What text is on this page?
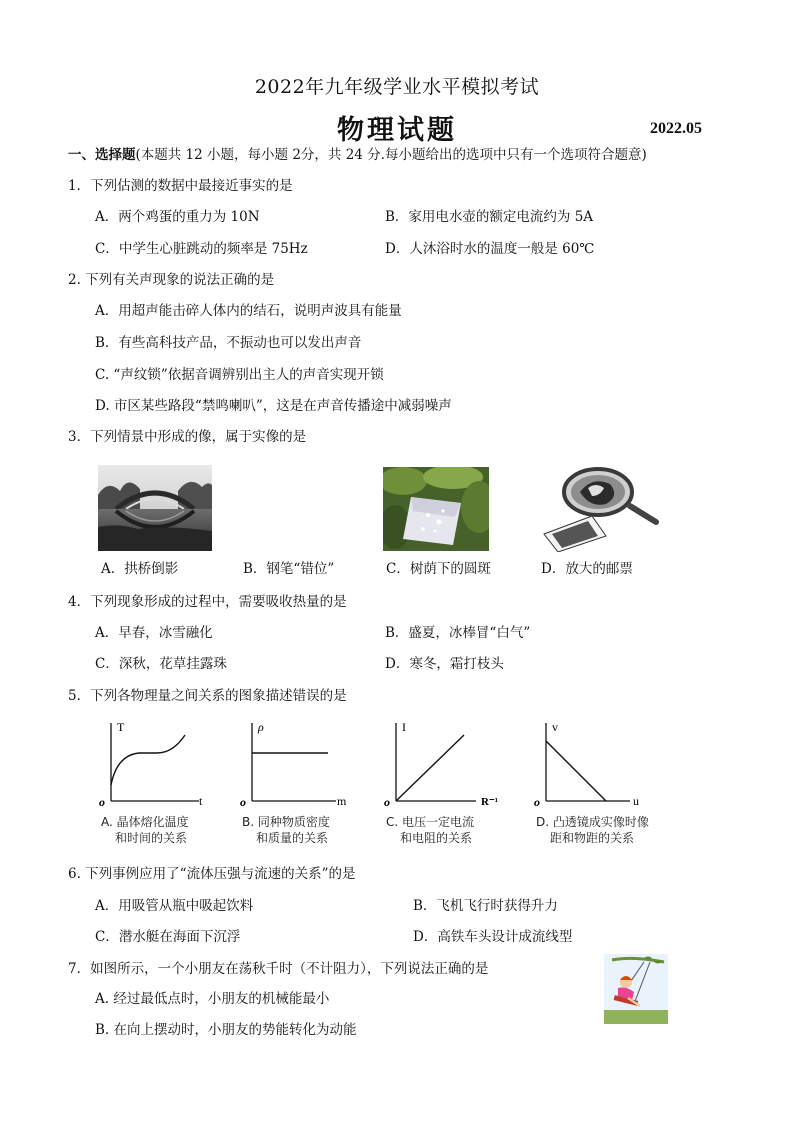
2022年九年级学业水平模拟考试
物理试题	2022.05
一、选择题(本题共 12 小题，每小题 2分，共 24 分.每小题给出的选项中只有一个选项符合题意)
1．下列估测的数据中最接近事实的是
A．两个鸡蛋的重力为 10N	B．家用电水壶的额定电流约为 5A
C．中学生心脏跳动的频率是 75Hz	D．人沐浴时水的温度一般是 60℃
2. 下列有关声现象的说法正确的是
A．用超声能击碎人体内的结石，说明声波具有能量
B．有些高科技产品，不振动也可以发出声音
C. “声纹锁”依据音调辨别出主人的声音实现开锁
D. 市区某些路段“禁鸣喇叭”，这是在声音传播途中减弱噪声
3．下列情景中形成的像，属于实像的是
A．拱桥倒影	B．钢笔“错位”	C．树荫下的圆斑	D．放大的邮票
4．下列现象形成的过程中，需要吸收热量的是
A．早春，冰雪融化	B．盛夏，冰棒冒“白气”
C．深秋，花草挂露珠	D．寒冬，霜打枝头
5．下列各物理量之间关系的图象描述错误的是
T
t
o
A. 晶体熔化温度
和时间的关系
ρ
m
o
B. 同种物质密度
和质量的关系
I
R⁻¹
o
C. 电压一定电流
和电阻的关系
v
u
o
D. 凸透镜成实像时像
距和物距的关系
6. 下列事例应用了“流体压强与流速的关系”的是
A．用吸管从瓶中吸起饮料	B．飞机飞行时获得升力
C．潜水艇在海面下沉浮	D．高铁车头设计成流线型
7．如图所示，一个小朋友在荡秋千时（不计阻力），下列说法正确的是
A. 经过最低点时，小朋友的机械能最小
B. 在向上摆动时，小朋友的势能转化为动能
